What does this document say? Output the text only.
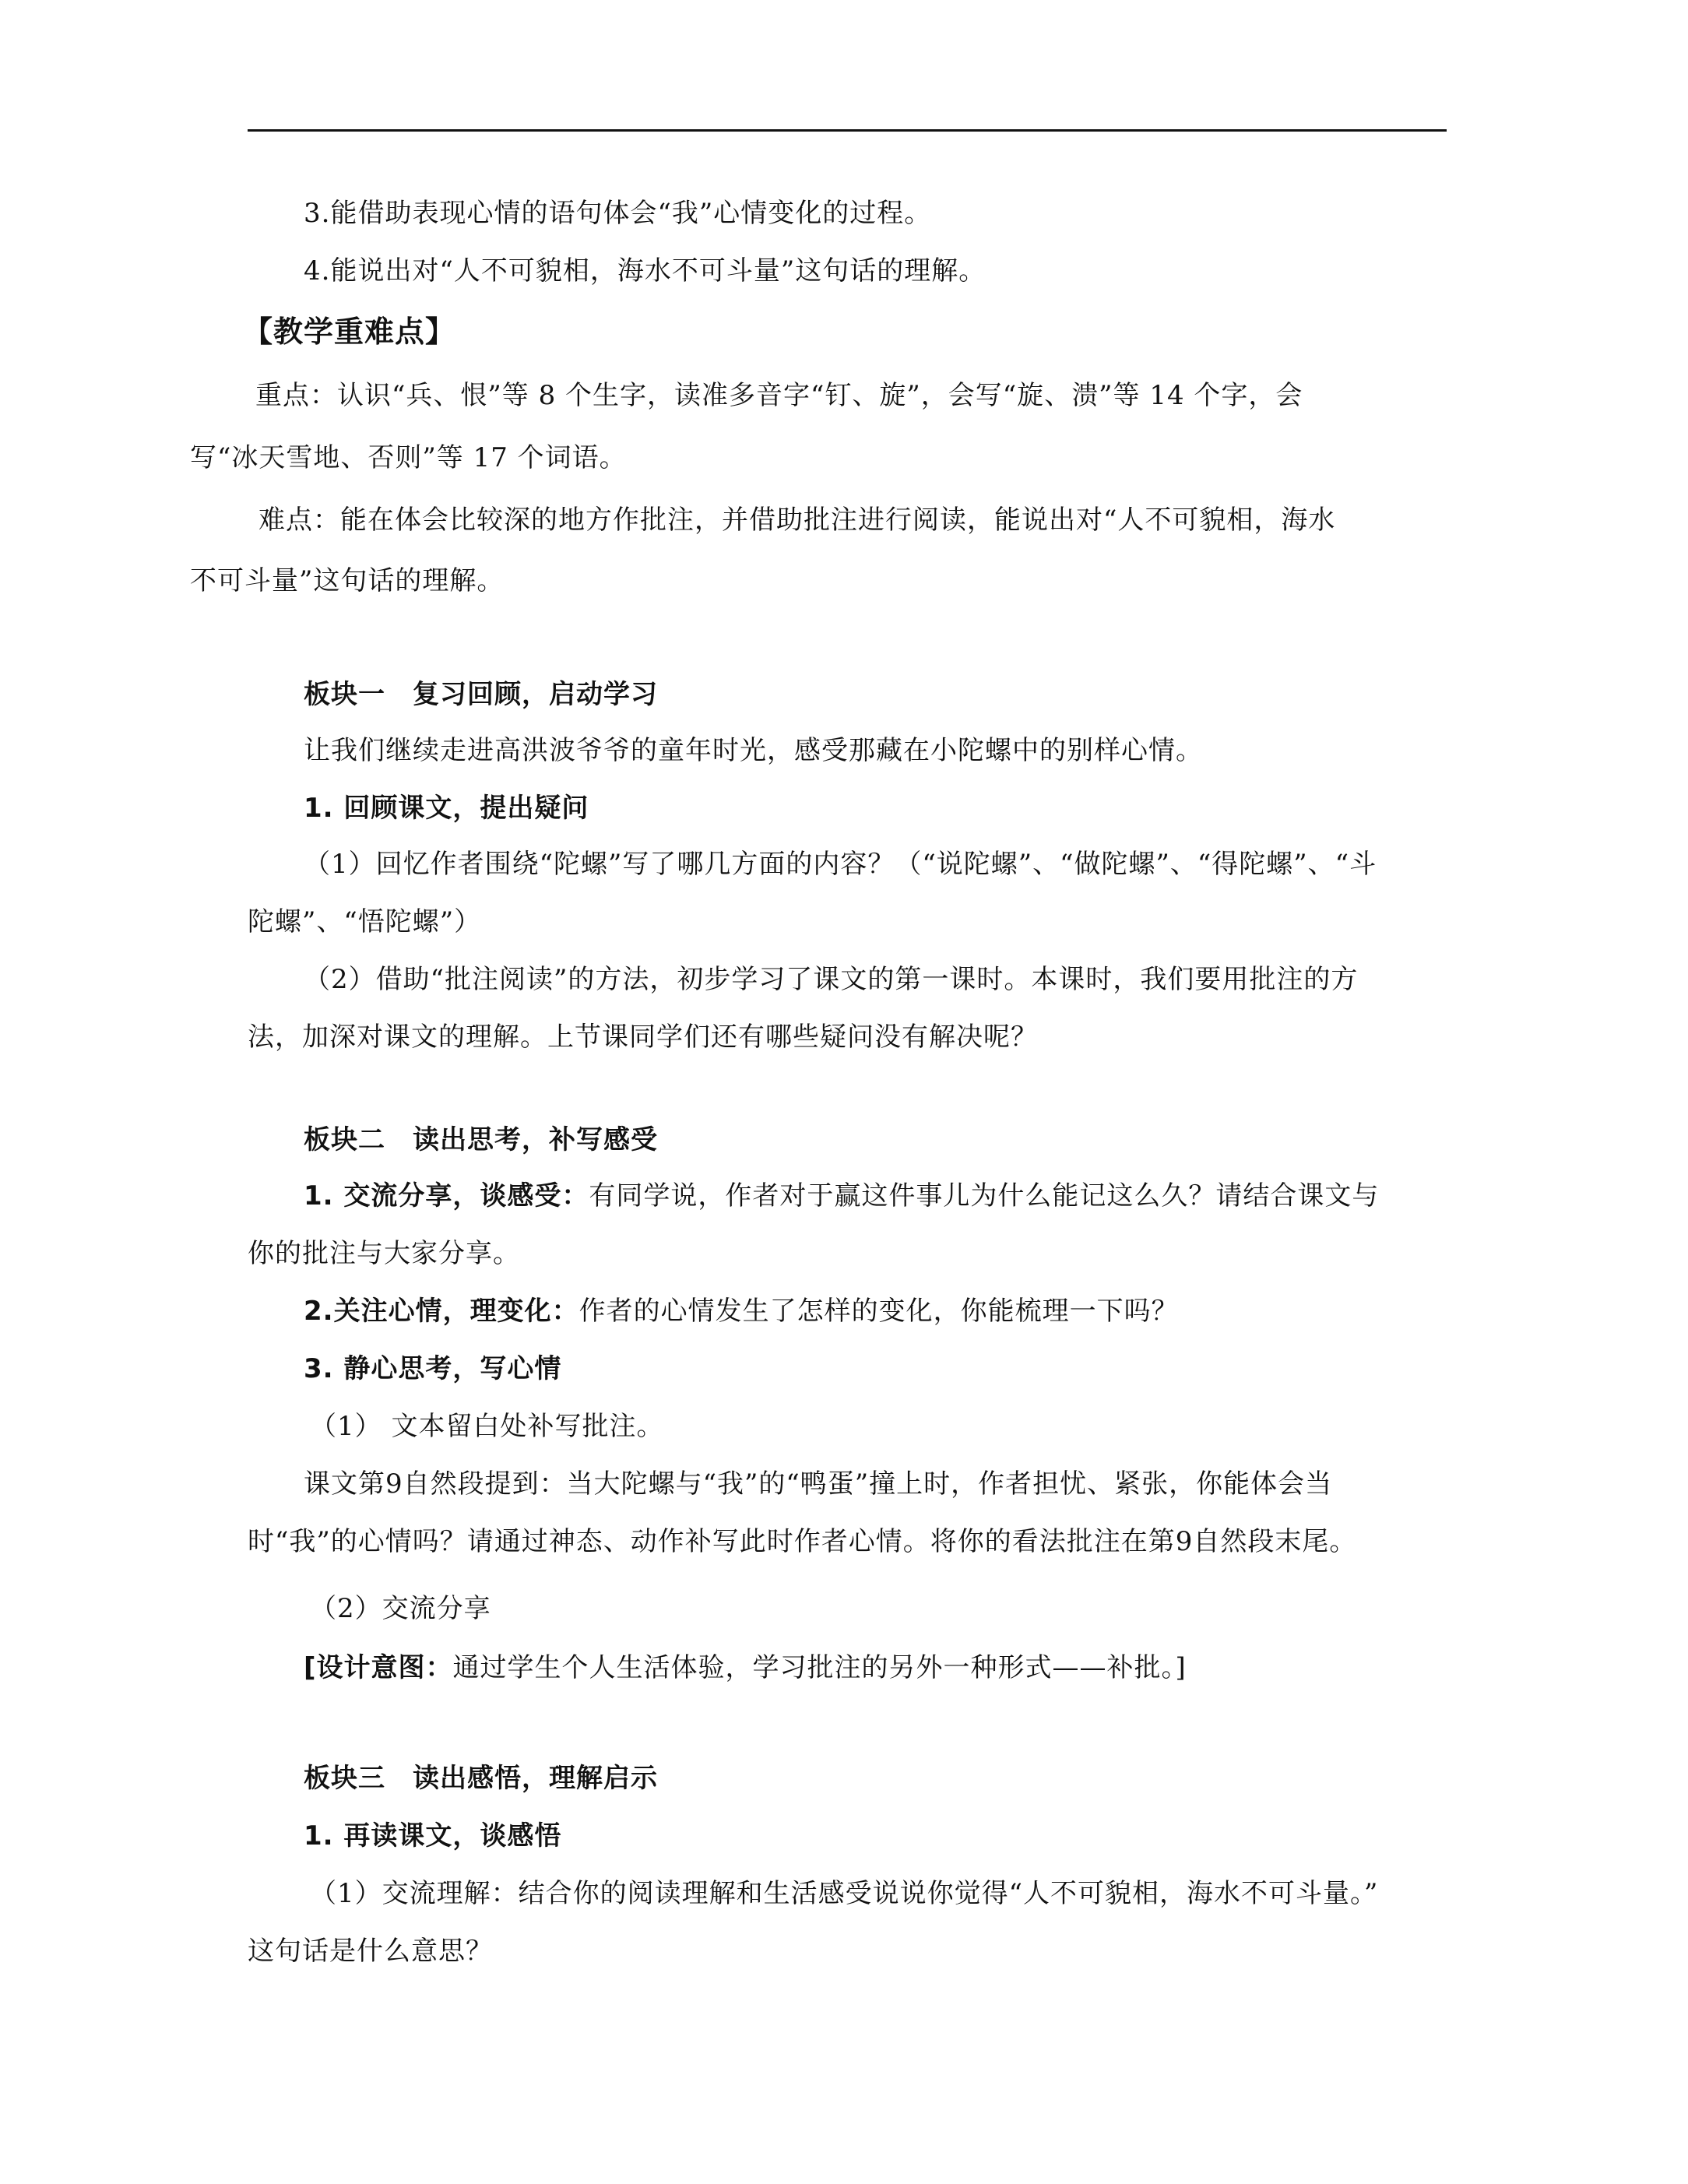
3.能借助表现心情的语句体会“我”心情变化的过程。
4.能说出对“人不可貌相，海水不可斗量”这句话的理解。
【教学重难点】
重点：认识“兵、恨”等 8 个生字，读准多音字“钉、旋”，会写“旋、溃”等 14 个字，会
写“冰天雪地、否则”等 17 个词语。
难点：能在体会比较深的地方作批注，并借助批注进行阅读，能说出对“人不可貌相，海水
不可斗量”这句话的理解。
板块一　复习回顾，启动学习
让我们继续走进高洪波爷爷的童年时光，感受那藏在小陀螺中的别样心情。
1. 回顾课文，提出疑问
（1）回忆作者围绕“陀螺”写了哪几方面的内容？（“说陀螺”、“做陀螺”、“得陀螺”、“斗
陀螺”、“悟陀螺”）
（2）借助“批注阅读”的方法，初步学习了课文的第一课时。本课时，我们要用批注的方
法，加深对课文的理解。上节课同学们还有哪些疑问没有解决呢？
板块二　读出思考，补写感受
1. 交流分享，谈感受：有同学说，作者对于赢这件事儿为什么能记这么久？请结合课文与
你的批注与大家分享。
2.关注心情，理变化：作者的心情发生了怎样的变化，你能梳理一下吗？
3. 静心思考，写心情
（1） 文本留白处补写批注。
课文第9自然段提到：当大陀螺与“我”的“鸭蛋”撞上时，作者担忧、紧张，你能体会当
时“我”的心情吗？请通过神态、动作补写此时作者心情。将你的看法批注在第9自然段末尾。
（2）交流分享
[设计意图：通过学生个人生活体验，学习批注的另外一种形式——补批。]
板块三　读出感悟，理解启示
1. 再读课文，谈感悟
（1）交流理解：结合你的阅读理解和生活感受说说你觉得“人不可貌相，海水不可斗量。”
这句话是什么意思？
